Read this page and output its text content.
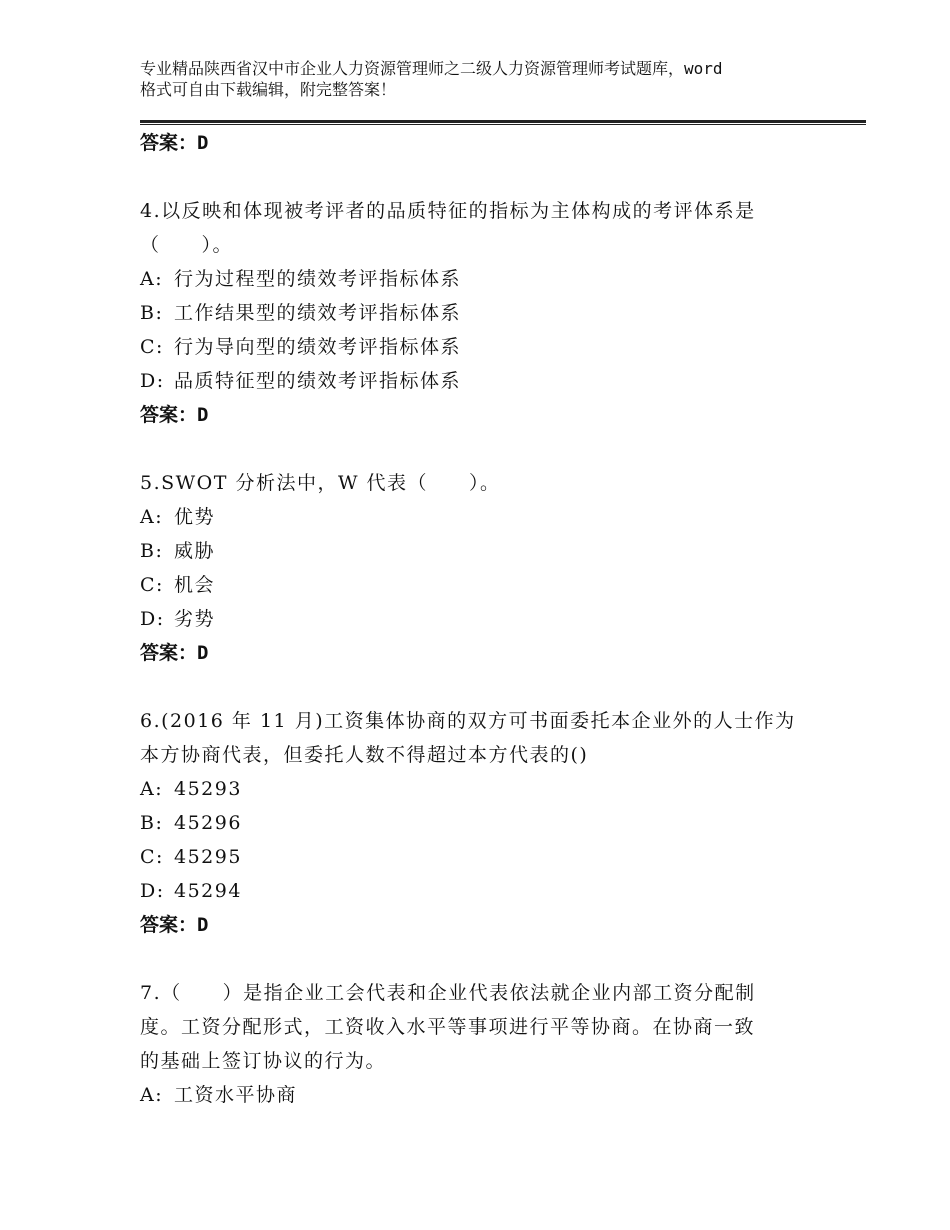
专业精品陕西省汉中市企业人力资源管理师之二级人力资源管理师考试题库，word
格式可自由下载编辑，附完整答案！
答案：D
4.以反映和体现被考评者的品质特征的指标为主体构成的考评体系是
（　　）。
A: 行为过程型的绩效考评指标体系
B: 工作结果型的绩效考评指标体系
C: 行为导向型的绩效考评指标体系
D: 品质特征型的绩效考评指标体系
答案：D
5.SWOT 分析法中，W 代表（　　）。
A: 优势
B: 威胁
C: 机会
D: 劣势
答案：D
6.(2016 年 11 月)工资集体协商的双方可书面委托本企业外的人士作为
本方协商代表，但委托人数不得超过本方代表的()
A: 45293
B: 45296
C: 45295
D: 45294
答案：D
7.（　　）是指企业工会代表和企业代表依法就企业内部工资分配制
度。工资分配形式，工资收入水平等事项进行平等协商。在协商一致
的基础上签订协议的行为。
A: 工资水平协商
